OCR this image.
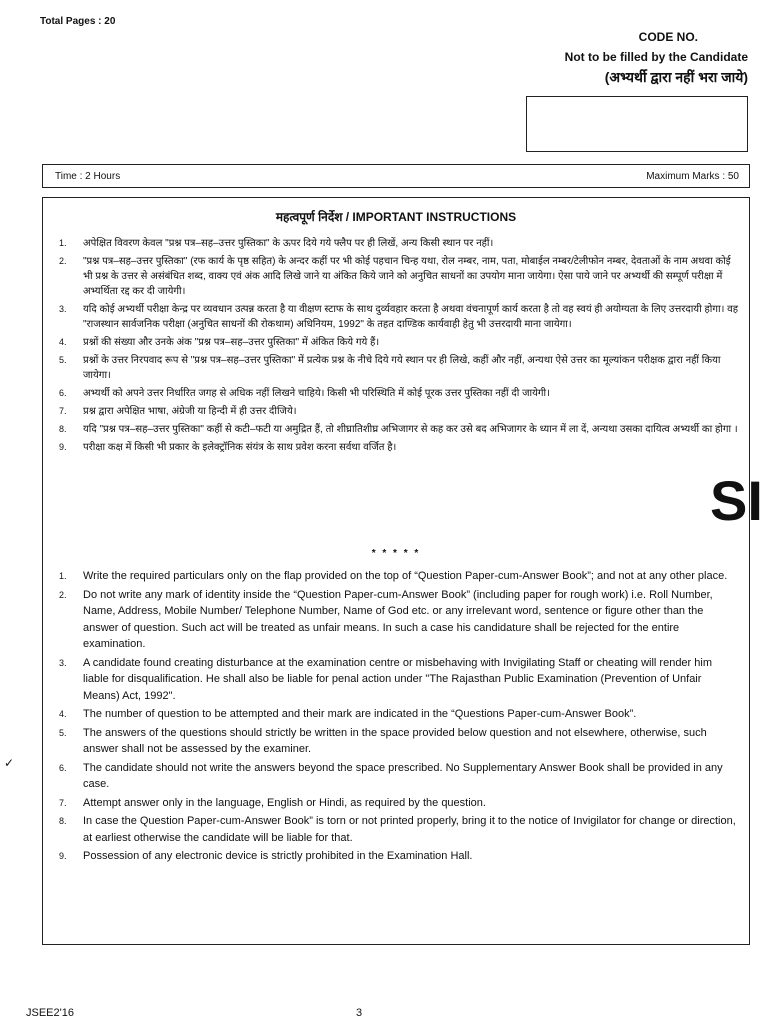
Total Pages : 20
CODE NO.
Not to be filled by the Candidate
(अभ्यर्थी द्वारा नहीं भरा जाये)
Time : 2 Hours	Maximum Marks : 50
महत्वपूर्ण निर्देश / IMPORTANT INSTRUCTIONS
1. अपेक्षित विवरण केवल "प्रश्न पत्र–सह–उत्तर पुस्तिका" के ऊपर दिये गये फ्लैप पर ही लिखें, अन्य किसी स्थान पर नहीं।
2. "प्रश्न पत्र–सह–उत्तर पुस्तिका" (रफ कार्य के पृष्ठ सहित) के अन्दर कहीं पर भी कोई पहचान चिन्ह यथा, रोल नम्बर, नाम, पता, मोबाईल नम्बर/टेलीफोन नम्बर, देवताओं के नाम अथवा कोई भी प्रश्न के उत्तर से असंबंधित शब्द, वाक्य एवं अंक आदि लिखे जाने या अंकित किये जाने को अनुचित साधनों का उपयोग माना जायेगा। ऐसा पाये जाने पर अभ्यर्थी की सम्पूर्ण परीक्षा में अभ्यर्थिता रद्द कर दी जायेगी।
3. यदि कोई अभ्यर्थी परीक्षा केन्द्र पर व्यवधान उत्पन्न करता है या वीक्षण स्टाफ के साथ दुर्व्यवहार करता है अथवा वंचनापूर्ण कार्य करता है तो वह स्वयं ही अयोग्यता के लिए उत्तरदायी होगा। वह "राजस्थान सार्वजनिक परीक्षा (अनुचित साधनों की रोकथाम) अधिनियम, 1992" के तहत दाण्डिक कार्यवाही हेतु भी उत्तरदायी माना जायेगा।
4. प्रश्नों की संख्या और उनके अंक "प्रश्न पत्र–सह–उत्तर पुस्तिका" में अंकित किये गये हैं।
5. प्रश्नों के उत्तर निरपवाद रूप से "प्रश्न पत्र–सह–उत्तर पुस्तिका" में प्रत्येक प्रश्न के नीचे दिये गये स्थान पर ही लिखे, कहीं और नहीं, अन्यथा ऐसे उत्तर का मूल्यांकन परीक्षक द्वारा नहीं किया जायेगा।
6. अभ्यर्थी को अपने उत्तर निर्धारित जगह से अधिक नहीं लिखने चाहिये। किसी भी परिस्थिति में कोई पूरक उत्तर पुस्तिका नहीं दी जायेगी।
7. प्रश्न द्वारा अपेक्षित भाषा, अंग्रेजी या हिन्दी में ही उत्तर दीजिये।
8. यदि "प्रश्न पत्र–सह–उत्तर पुस्तिका" कहीं से कटी–फटी या अमुद्रित हैं, तो शीघ्रातिशीघ्र अभिजागर से कह कर उसे बद अभिजागर के ध्यान में ला दें, अन्यथा उसका दायित्व अभ्यर्थी का होगा ।
9. परीक्षा कक्ष में किसी भी प्रकार के इलेक्ट्रॉनिक संयंत्र के साथ प्रवेश करना सर्वथा वर्जित है।
* * * * *
1. Write the required particulars only on the flap provided on the top of “Question Paper-cum-Answer Book”; and not at any other place.
2. Do not write any mark of identity inside the “Question Paper-cum-Answer Book” (including paper for rough work) i.e. Roll Number, Name, Address, Mobile Number/ Telephone Number, Name of God etc. or any irrelevant word, sentence or figure other than the answer of question. Such act will be treated as unfair means. In such a case his candidature shall be rejected for the entire examination.
3. A candidate found creating disturbance at the examination centre or misbehaving with Invigilating Staff or cheating will render him liable for disqualification. He shall also be liable for penal action under "The Rajasthan Public Examination (Prevention of Unfair Means) Act, 1992".
4. The number of question to be attempted and their mark are indicated in the “Questions Paper-cum-Answer Book”.
5. The answers of the questions should strictly be written in the space provided below question and not elsewhere, otherwise, such answer shall not be assessed by the examiner.
6. The candidate should not write the answers beyond the space prescribed. No Supplementary Answer Book shall be provided in any case.
7. Attempt answer only in the language, English or Hindi, as required by the question.
8. In case the Question Paper-cum-Answer Book” is torn or not printed properly, bring it to the notice of Invigilator for change or direction, at earliest otherwise the candidate will be liable for that.
9. Possession of any electronic device is strictly prohibited in the Examination Hall.
SI
✓
JSEE2'16	3
